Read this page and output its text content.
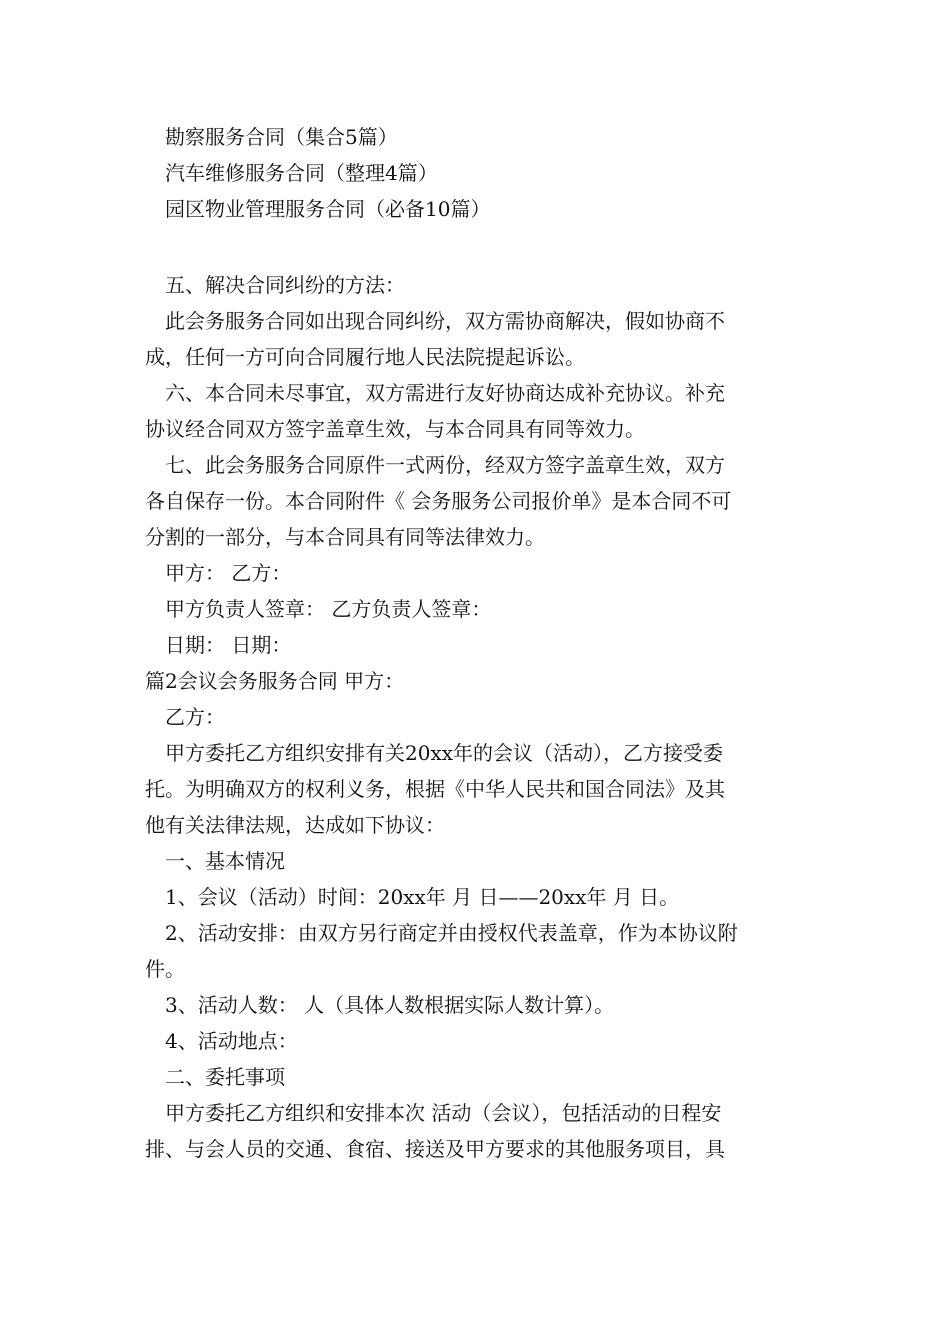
勘察服务合同（集合5篇）
汽车维修服务合同（整理4篇）
园区物业管理服务合同（必备10篇）
五、解决合同纠纷的方法：
此会务服务合同如出现合同纠纷，双方需协商解决，假如协商不
成，任何一方可向合同履行地人民法院提起诉讼。
六、本合同未尽事宜，双方需进行友好协商达成补充协议。补充
协议经合同双方签字盖章生效，与本合同具有同等效力。
七、此会务服务合同原件一式两份，经双方签字盖章生效，双方
各自保存一份。本合同附件《 会务服务公司报价单》是本合同不可
分割的一部分，与本合同具有同等法律效力。
甲方： 乙方：
甲方负责人签章： 乙方负责人签章：
日期： 日期：
篇2会议会务服务合同 甲方：
乙方：
甲方委托乙方组织安排有关20xx年的会议（活动），乙方接受委
托。为明确双方的权利义务，根据《中华人民共和国合同法》及其
他有关法律法规，达成如下协议：
一、基本情况
1、会议（活动）时间：20xx年 月 日——20xx年 月 日。
2、活动安排：由双方另行商定并由授权代表盖章，作为本协议附
件。
3、活动人数： 人（具体人数根据实际人数计算）。
4、活动地点：
二、委托事项
甲方委托乙方组织和安排本次 活动（会议），包括活动的日程安
排、与会人员的交通、食宿、接送及甲方要求的其他服务项目，具
